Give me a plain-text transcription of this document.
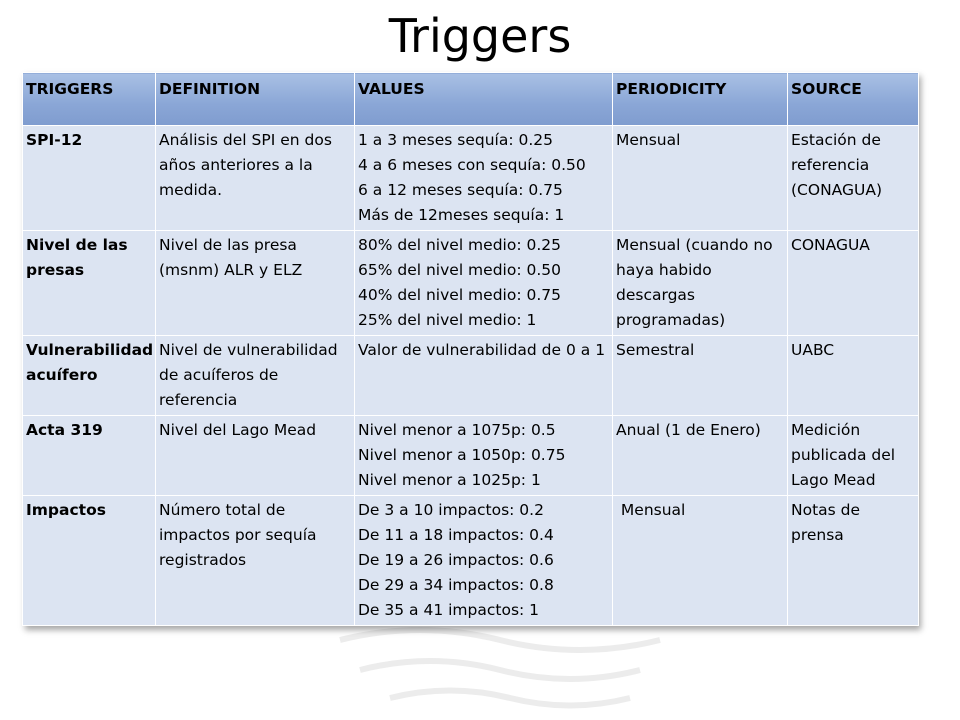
Triggers
TRIGGERS	DEFINITION	VALUES	PERIODICITY	SOURCE
SPI-12	Análisis del SPI en dos años anteriores a la medida.	1 a 3 meses sequía: 0.25
4 a 6 meses con sequía: 0.50
6 a 12 meses sequía: 0.75
Más de 12meses sequía: 1	Mensual	Estación de referencia (CONAGUA)
Nivel de las presas	Nivel de las presa (msnm) ALR y ELZ	80% del nivel medio: 0.25
65% del nivel medio: 0.50
40% del nivel medio: 0.75
25% del nivel medio: 1	Mensual (cuando no haya habido descargas programadas)	CONAGUA
Vulnerabilidad acuífero	Nivel de vulnerabilidad de acuíferos de referencia	Valor de vulnerabilidad de 0 a 1	Semestral	UABC
Acta 319	Nivel del Lago Mead	Nivel menor a 1075p: 0.5
Nivel menor a 1050p: 0.75
Nivel menor a 1025p: 1	Anual (1 de Enero)	Medición publicada del Lago Mead
Impactos	Número total de impactos por sequía registrados	De 3 a 10 impactos: 0.2
De 11 a 18 impactos: 0.4
De 19 a 26 impactos: 0.6
De 29 a 34 impactos: 0.8
De 35 a 41 impactos: 1	Mensual	Notas de prensa
